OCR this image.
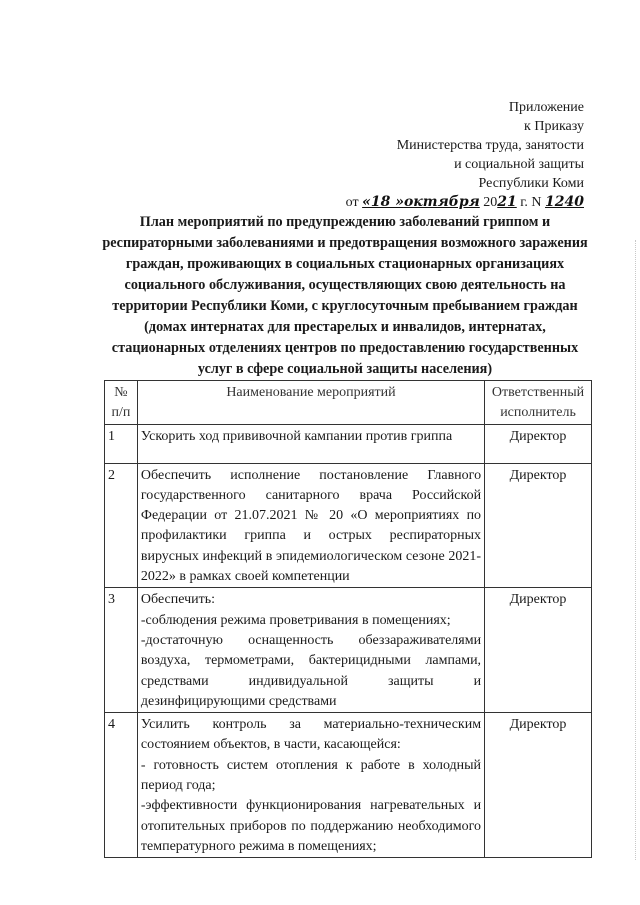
Приложение
к Приказу
Министерства труда, занятости
и социальной защиты
Республики Коми
от «18 »октября 2021 г. N 1240
План мероприятий по предупреждению заболеваний гриппом и респираторными заболеваниями и предотвращения возможного заражения граждан, проживающих в социальных стационарных организациях социального обслуживания, осуществляющих свою деятельность на территории Республики Коми, с круглосуточным пребыванием граждан (домах интернатах для престарелых и инвалидов, интернатах, стационарных отделениях центров по предоставлению государственных услуг в сфере социальной защиты населения)
№ п/п	Наименование мероприятий	Ответственный исполнитель
1	Ускорить ход прививочной кампании против гриппа	Директор
2	Обеспечить исполнение постановление Главного государственного санитарного врача Российской Федерации от 21.07.2021 № 20 «О мероприятиях по профилактики гриппа и острых респираторных вирусных инфекций в эпидемиологическом сезоне 2021-2022» в рамках своей компетенции	Директор
3	Обеспечить:
-соблюдения режима проветривания в помещениях;
-достаточную оснащенность обеззараживателями воздуха, термометрами, бактерицидными лампами, средствами индивидуальной защиты и дезинфицирующими средствами	Директор
4	Усилить контроль за материально-техническим состоянием объектов, в части, касающейся:
- готовность систем отопления к работе в холодный период года;
-эффективности функционирования нагревательных и отопительных приборов по поддержанию необходимого температурного режима в помещениях;	Директор
